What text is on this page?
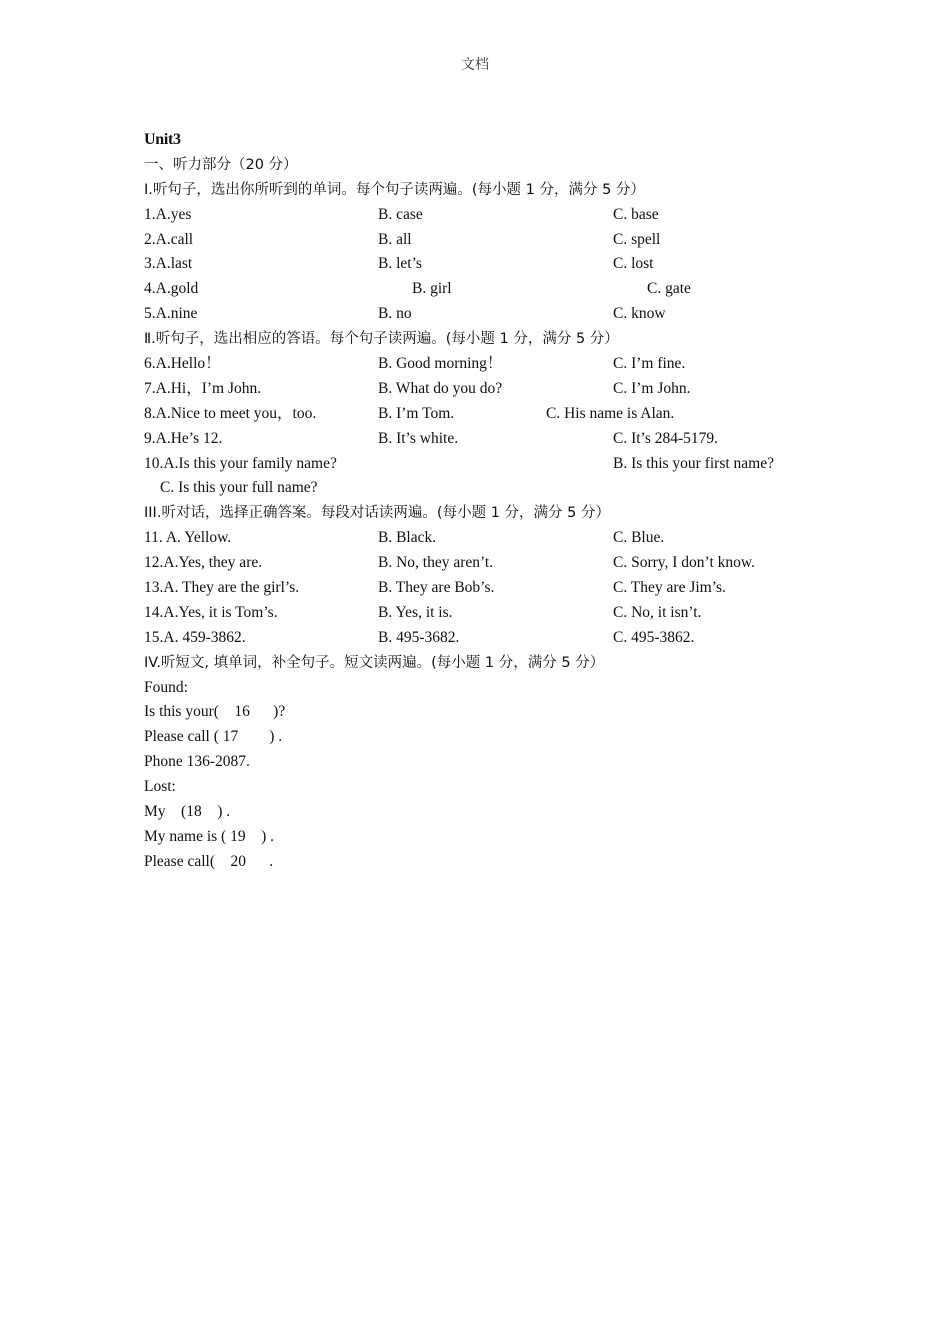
文档
Unit3
一、听力部分（20 分）
Ⅰ.听句子，选出你所听到的单词。每个句子读两遍。(每小题 1 分，满分 5 分）
1.A.yes	B. case	C. base
2.A.call	B. all	C. spell
3.A.last	B. let’s	C. lost
4.A.gold	B. girl	C. gate
5.A.nine	B. no	C. know
Ⅱ.听句子，选出相应的答语。每个句子读两遍。(每小题 1 分，满分 5 分）
6.A.Hello！	B. Good morning！	C. I’m fine.
7.A.Hi，I’m John.	B. What do you do?	C. I’m John.
8.A.Nice to meet you，too.	B. I’m Tom.	C. His name is Alan.
9.A.He’s 12.	B. It’s white.	C. It’s 284-5179.
10.A.Is this your family name?	B. Is this your first name?
C. Is this your full name?
III.听对话，选择正确答案。每段对话读两遍。(每小题 1 分，满分 5 分）
11. A. Yellow.	B. Black.	C. Blue.
12.A.Yes, they are.	B. No, they aren’t.	C. Sorry, I don’t know.
13.A. They are the girl’s.	B. They are Bob’s.	C. They are Jim’s.
14.A.Yes, it is Tom’s.	B. Yes, it is.	C. No, it isn’t.
15.A. 459-3862.	B. 495-3682.	C. 495-3862.
IV.听短文, 填单词，补全句子。短文读两遍。(每小题 1 分，满分 5 分）
Found:
Is this your(    16      )?
Please call ( 17        ) .
Phone 136-2087.
Lost:
My    (18    ) .
My name is ( 19    ) .
Please call(    20      .
